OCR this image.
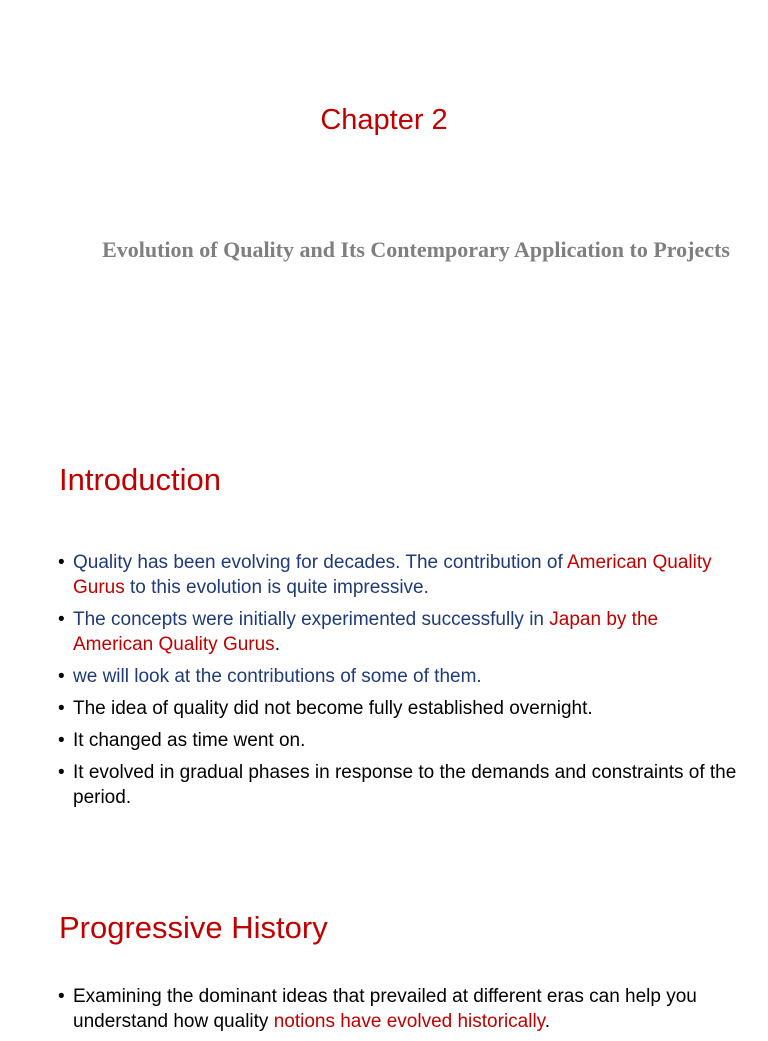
Chapter 2
Evolution of Quality and Its Contemporary Application to Projects
Introduction
• Quality has been evolving for decades. The contribution of American Quality Gurus to this evolution is quite impressive.
• The concepts were initially experimented successfully in Japan by the American Quality Gurus.
• we will look at the contributions of some of them.
• The idea of quality did not become fully established overnight.
• It changed as time went on.
• It evolved in gradual phases in response to the demands and constraints of the period.
Progressive History
• Examining the dominant ideas that prevailed at different eras can help you understand how quality notions have evolved historically.
